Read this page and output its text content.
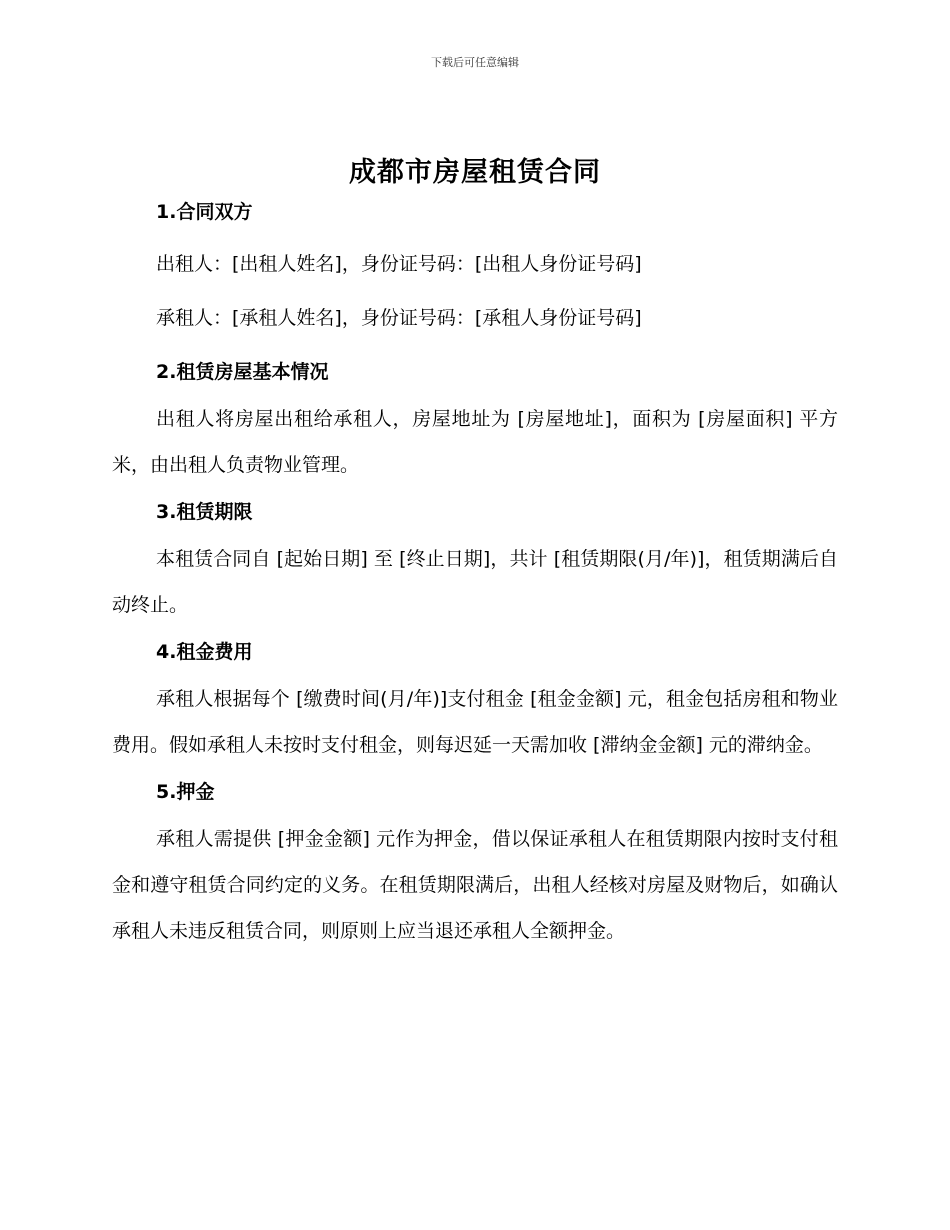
下载后可任意编辑
成都市房屋租赁合同
1.合同双方

出租人：[出租人姓名]，身份证号码：[出租人身份证号码]

承租人：[承租人姓名]，身份证号码：[承租人身份证号码]

2.租赁房屋基本情况

出租人将房屋出租给承租人，房屋地址为 [房屋地址]，面积为 [房屋面积] 平方米，由出租人负责物业管理。

3.租赁期限

本租赁合同自 [起始日期] 至 [终止日期]，共计 [租赁期限(月/年)]，租赁期满后自动终止。

4.租金费用

承租人根据每个 [缴费时间(月/年)]支付租金 [租金金额] 元，租金包括房租和物业费用。假如承租人未按时支付租金，则每迟延一天需加收 [滞纳金金额] 元的滞纳金。

5.押金

承租人需提供 [押金金额] 元作为押金，借以保证承租人在租赁期限内按时支付租金和遵守租赁合同约定的义务。在租赁期限满后，出租人经核对房屋及财物后，如确认承租人未违反租赁合同，则原则上应当退还承租人全额押金。
